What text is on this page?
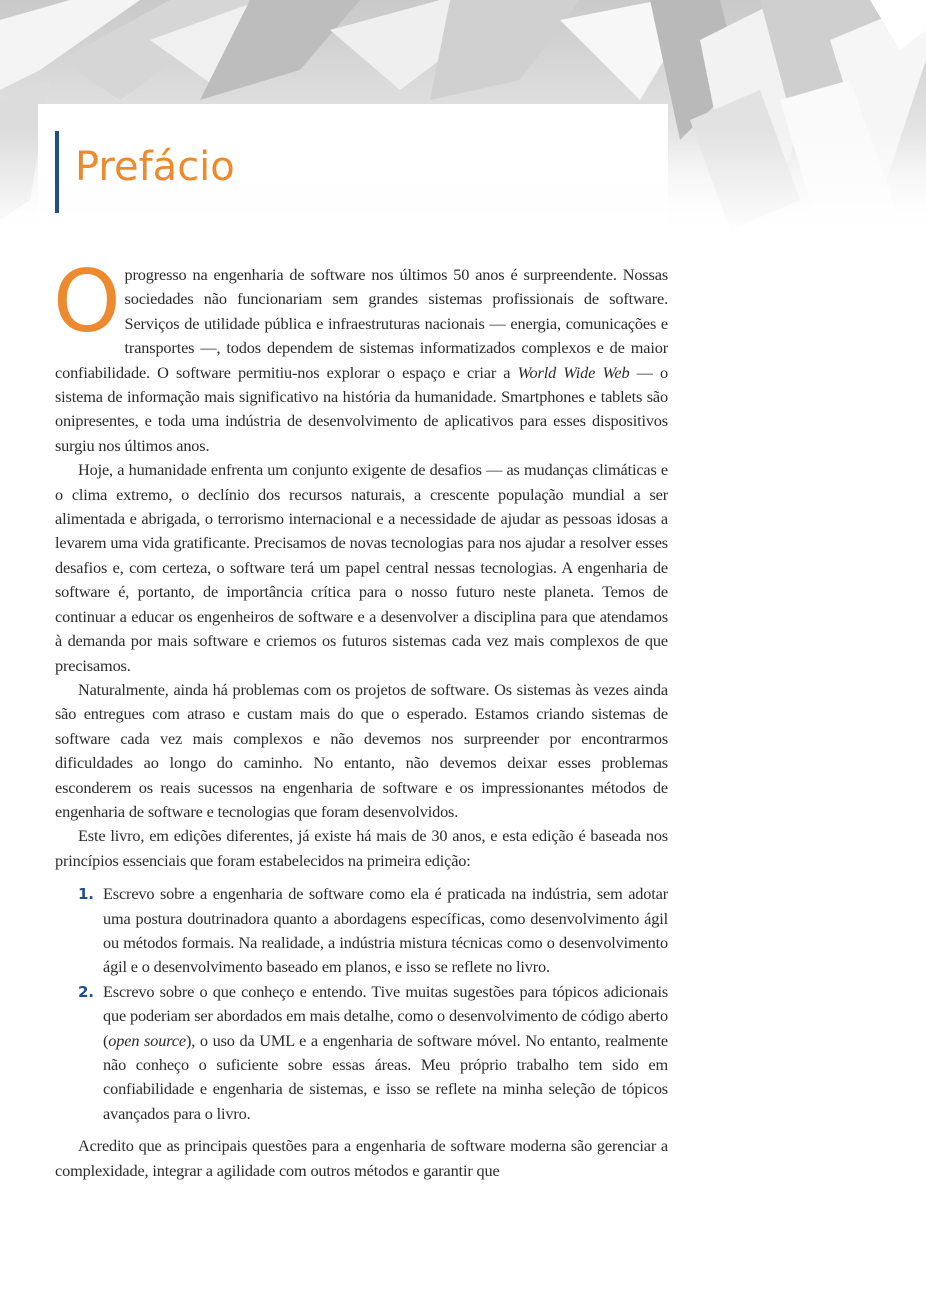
Prefácio

Oprogresso na engenharia de software nos últimos 50 anos é surpreendente. Nossas sociedades não funcionariam sem grandes sistemas profissionais de software. Serviços de utilidade pública e infraestruturas nacionais — energia, comunicações e transportes —, todos dependem de sistemas informatizados complexos e de maior confiabilidade. O software permitiu-nos explorar o espaço e criar a World Wide Web — o sistema de informação mais significativo na história da humanidade. Smartphones e tablets são onipresentes, e toda uma indústria de desenvolvimento de aplicativos para esses dispositivos surgiu nos últimos anos.

Hoje, a humanidade enfrenta um conjunto exigente de desafios — as mudanças climáticas e o clima extremo, o declínio dos recursos naturais, a crescente população mundial a ser alimentada e abrigada, o terrorismo internacional e a necessidade de ajudar as pessoas idosas a levarem uma vida gratificante. Precisamos de novas tecnologias para nos ajudar a resolver esses desafios e, com certeza, o software terá um papel central nessas tecnologias. A engenharia de software é, portanto, de importância crítica para o nosso futuro neste planeta. Temos de continuar a educar os engenheiros de software e a desenvolver a disciplina para que atendamos à demanda por mais software e criemos os futuros sistemas cada vez mais complexos de que precisamos.

Naturalmente, ainda há problemas com os projetos de software. Os sistemas às vezes ainda são entregues com atraso e custam mais do que o esperado. Estamos criando sistemas de software cada vez mais complexos e não devemos nos surpreender por encontrarmos dificuldades ao longo do caminho. No entanto, não devemos deixar esses problemas esconderem os reais sucessos na engenharia de software e os impressionantes métodos de engenharia de software e tecnologias que foram desenvolvidos.

Este livro, em edições diferentes, já existe há mais de 30 anos, e esta edição é baseada nos princípios essenciais que foram estabelecidos na primeira edição:

1. Escrevo sobre a engenharia de software como ela é praticada na indústria, sem adotar uma postura doutrinadora quanto a abordagens específicas, como desenvolvimento ágil ou métodos formais. Na realidade, a indústria mistura técnicas como o desenvolvimento ágil e o desenvolvimento baseado em planos, e isso se reflete no livro.
2. Escrevo sobre o que conheço e entendo. Tive muitas sugestões para tópicos adicionais que poderiam ser abordados em mais detalhe, como o desenvolvimento de código aberto (open source), o uso da UML e a engenharia de software móvel. No entanto, realmente não conheço o suficiente sobre essas áreas. Meu próprio trabalho tem sido em confiabilidade e engenharia de sistemas, e isso se reflete na minha seleção de tópicos avançados para o livro.

Acredito que as principais questões para a engenharia de software moderna são gerenciar a complexidade, integrar a agilidade com outros métodos e garantir que
